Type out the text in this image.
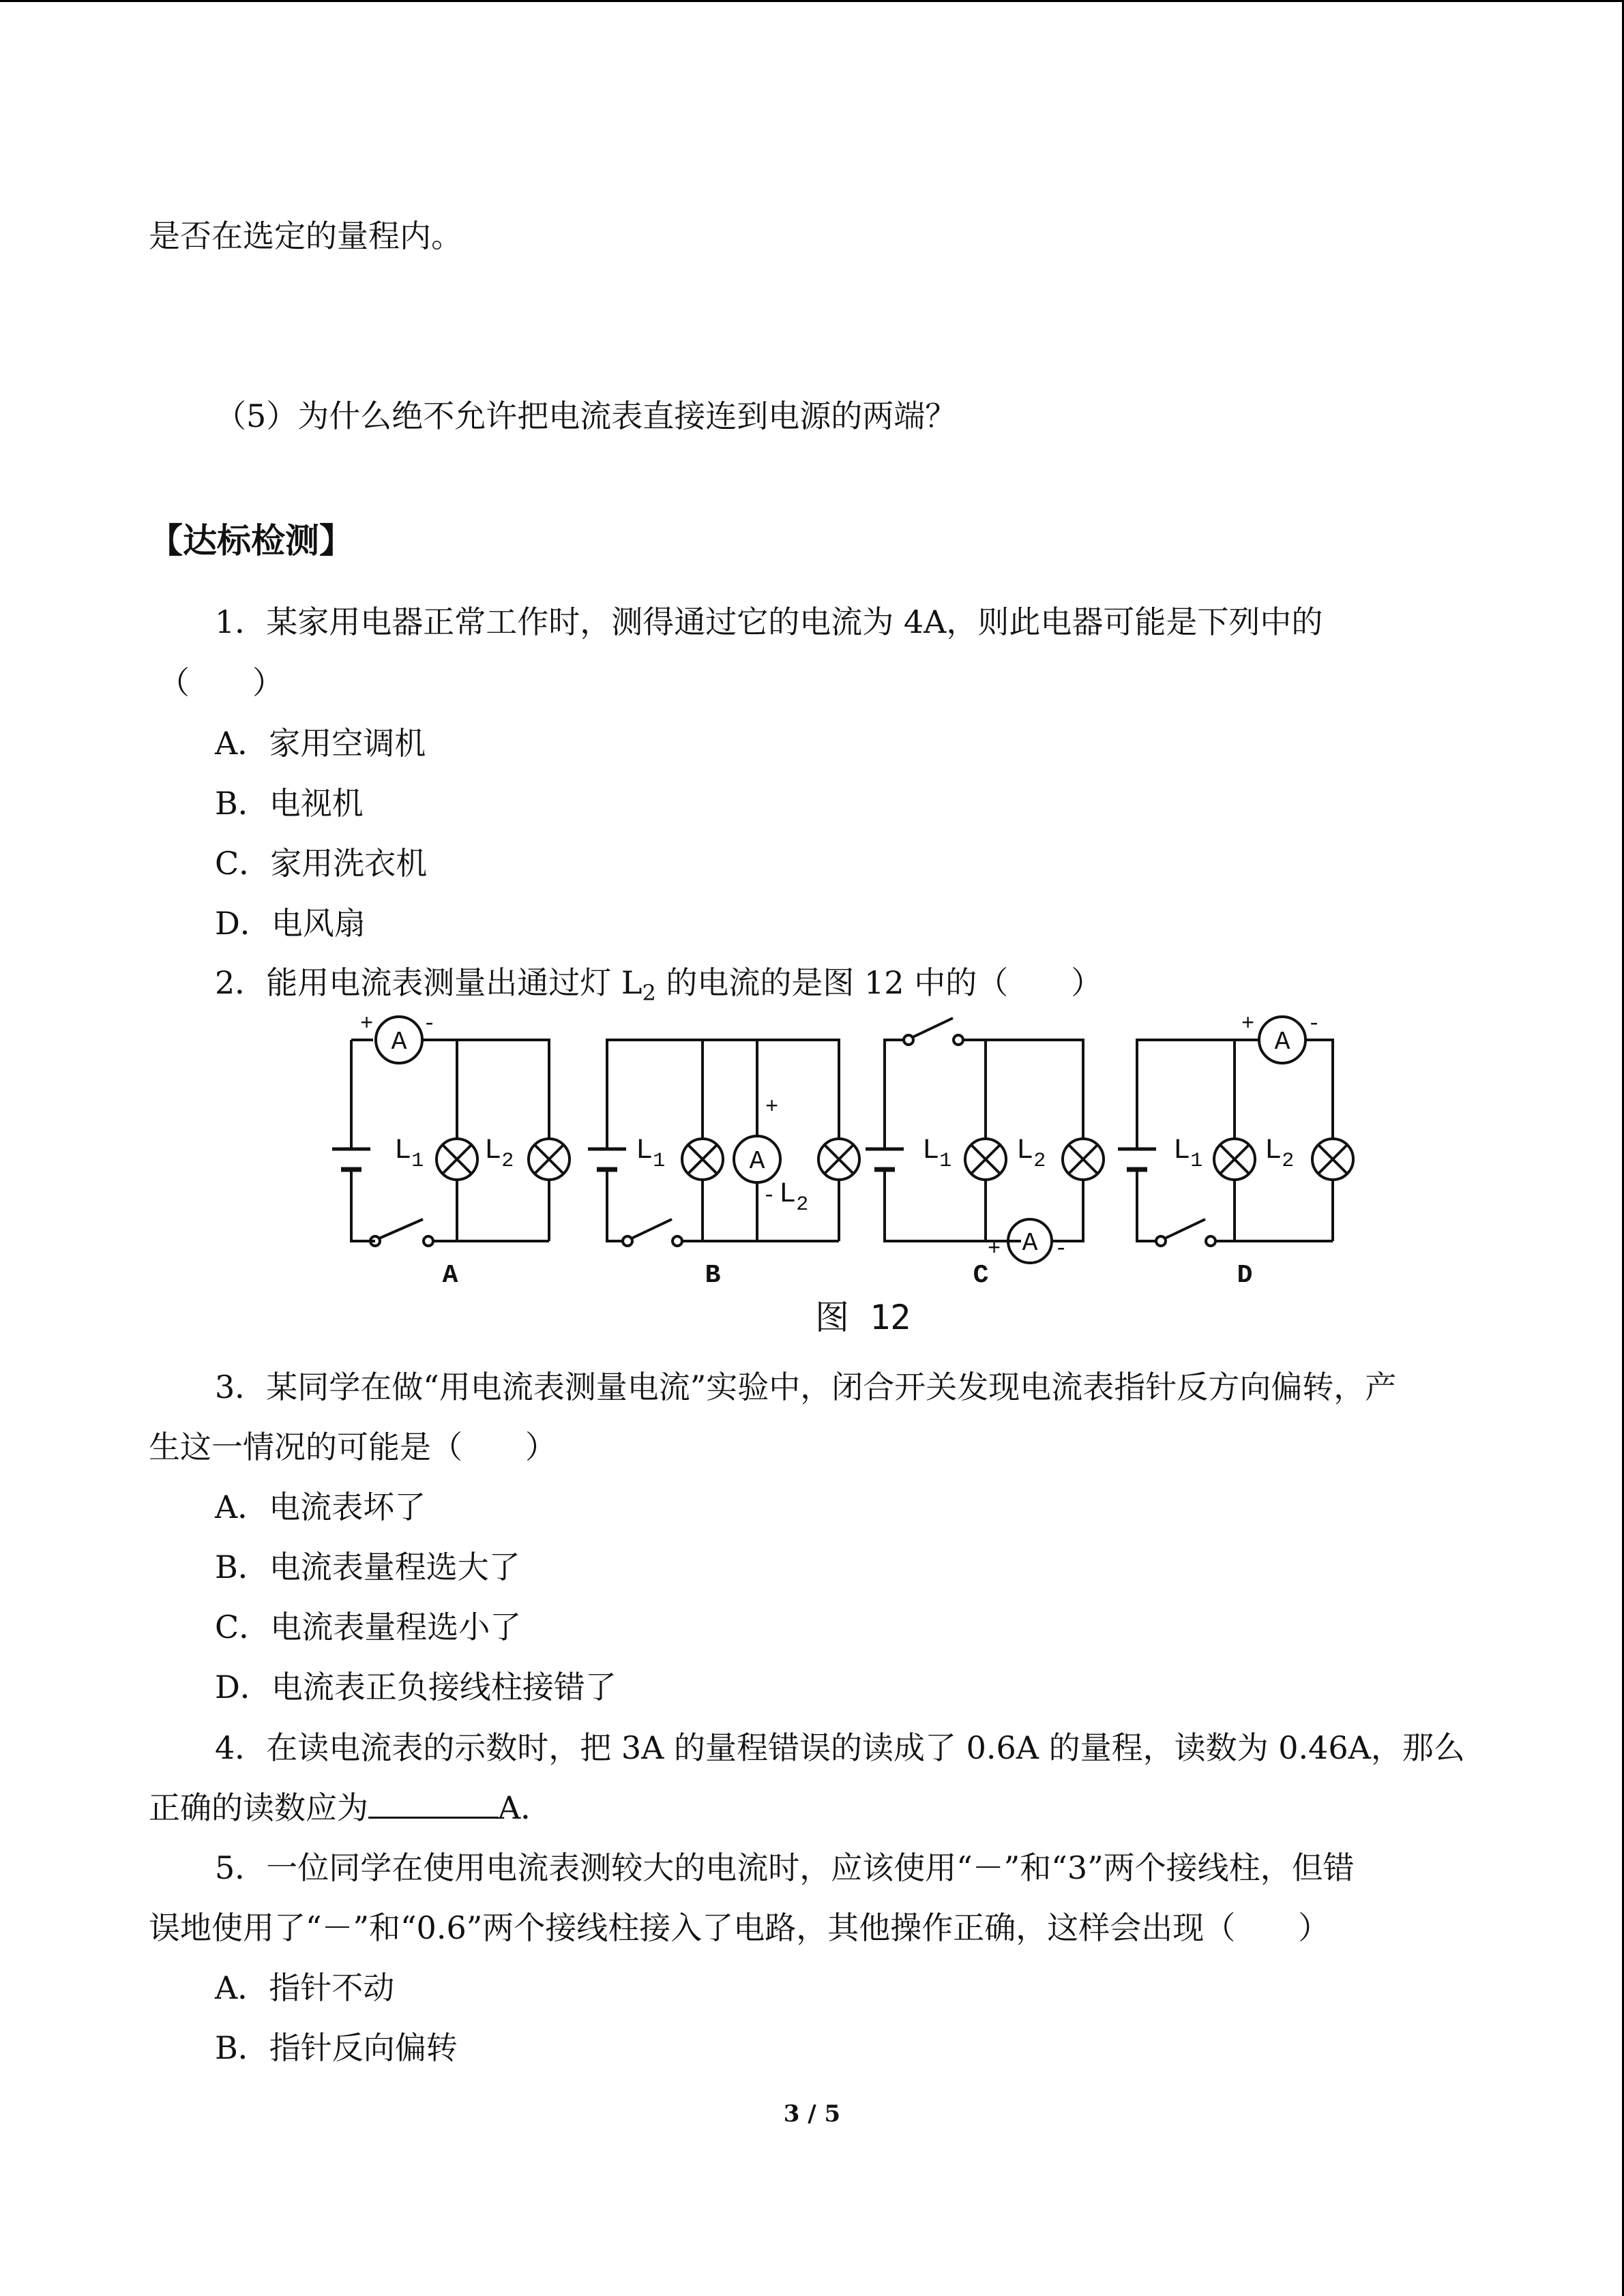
是否在选定的量程内。
（5）为什么绝不允许把电流表直接连到电源的两端？
【达标检测】
1．某家用电器正常工作时，测得通过它的电流为 4A，则此电器可能是下列中的
（　　）
A．家用空调机
B．电视机
C．家用洗衣机
D．电风扇
2．能用电流表测量出通过灯 $L_2$ 的电流的是图 12 中的（　　）
A
+ -
$L_1$ $L_2$
A
$L_1$	A
+
- $L_2$
B
$L_1$ $L_2$
A
+ -
C
$L_1$
A
+ -
$L_2$
D
图 12
3．某同学在做“用电流表测量电流”实验中，闭合开关发现电流表指针反方向偏转，产
生这一情况的可能是（　　）
A．电流表坏了
B．电流表量程选大了
C．电流表量程选小了
D．电流表正负接线柱接错了
4．在读电流表的示数时，把 3A 的量程错误的读成了 0.6A 的量程，读数为 0.46A，那么
正确的读数应为	A．
5．一位同学在使用电流表测较大的电流时，应该使用“－”和“3”两个接线柱，但错
误地使用了“－”和“0.6”两个接线柱接入了电路，其他操作正确，这样会出现（　　）
A．指针不动
B．指针反向偏转
3 / 5
